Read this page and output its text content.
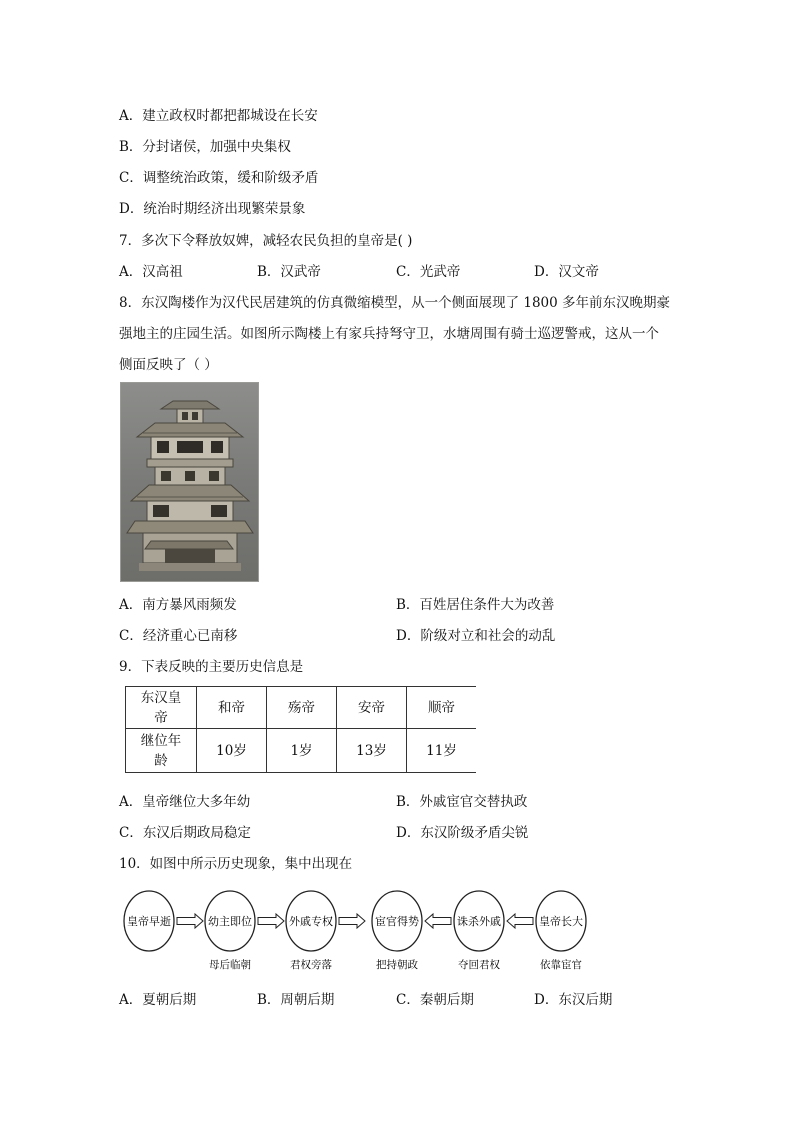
A．建立政权时都把都城设在长安
B．分封诸侯，加强中央集权
C．调整统治政策，缓和阶级矛盾
D．统治时期经济出现繁荣景象
7．多次下令释放奴婢，减轻农民负担的皇帝是( )
A．汉高祖	B．汉武帝	C．光武帝	D．汉文帝
8．东汉陶楼作为汉代民居建筑的仿真微缩模型，从一个侧面展现了 1800 多年前东汉晚期豪
强地主的庄园生活。如图所示陶楼上有家兵持弩守卫，水塘周围有骑士巡逻警戒，这从一个
侧面反映了（ ）
A．南方暴风雨频发	B．百姓居住条件大为改善
C．经济重心已南移	D．阶级对立和社会的动乱
9．下表反映的主要历史信息是
东汉皇
帝	和帝	殇帝	安帝	顺帝

继位年
龄	10岁	1岁	13岁	11岁
A．皇帝继位大多年幼	B．外戚宦官交替执政
C．东汉后期政局稳定	D．东汉阶级矛盾尖锐
10．如图中所示历史现象，集中出现在
皇帝早逝	幼主即位	外戚专权	宦官得势	诛杀外戚	皇帝长大
母后临朝	君权旁落	把持朝政	夺回君权	依靠宦官
A．夏朝后期	B．周朝后期	C．秦朝后期	D．东汉后期
